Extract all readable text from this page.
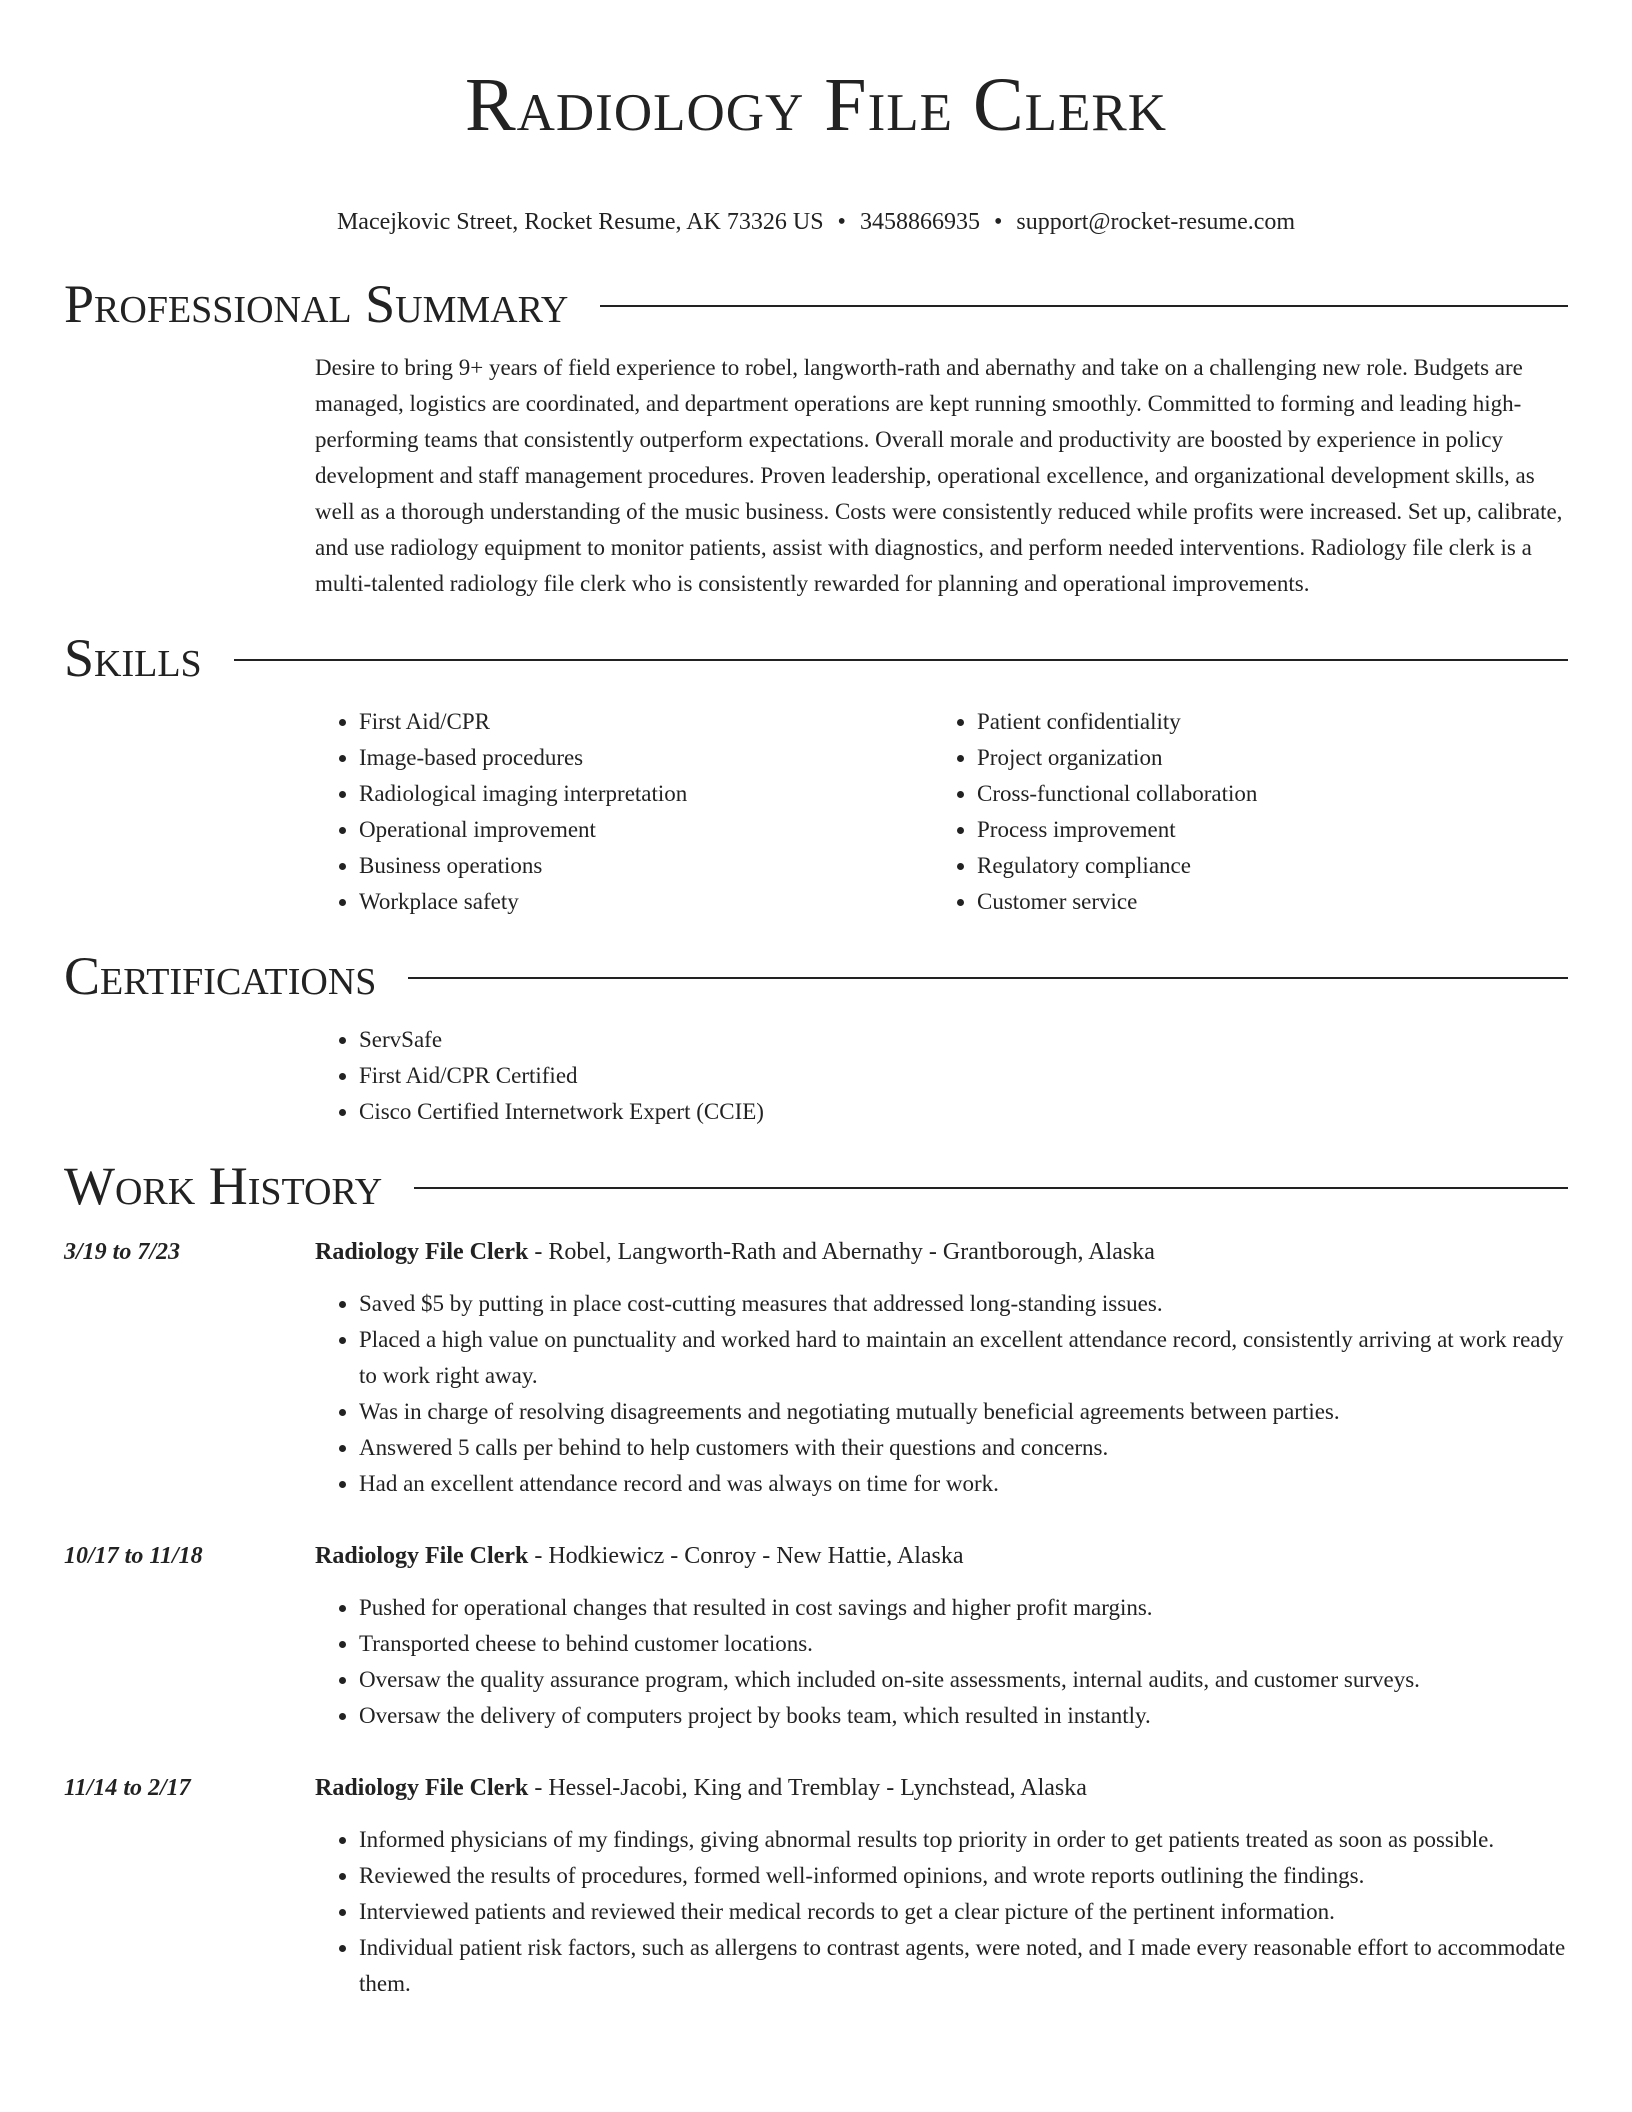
Radiology File Clerk
Macejkovic Street, Rocket Resume, AK 73326 US • 3458866935 • support@rocket-resume.com
Professional Summary
Desire to bring 9+ years of field experience to robel, langworth-rath and abernathy and take on a challenging new role. Budgets are managed, logistics are coordinated, and department operations are kept running smoothly. Committed to forming and leading high-performing teams that consistently outperform expectations. Overall morale and productivity are boosted by experience in policy development and staff management procedures. Proven leadership, operational excellence, and organizational development skills, as well as a thorough understanding of the music business. Costs were consistently reduced while profits were increased. Set up, calibrate, and use radiology equipment to monitor patients, assist with diagnostics, and perform needed interventions. Radiology file clerk is a multi-talented radiology file clerk who is consistently rewarded for planning and operational improvements.
Skills
• First Aid/CPR
• Image-based procedures
• Radiological imaging interpretation
• Operational improvement
• Business operations
• Workplace safety
• Patient confidentiality
• Project organization
• Cross-functional collaboration
• Process improvement
• Regulatory compliance
• Customer service
Certifications
• ServSafe
• First Aid/CPR Certified
• Cisco Certified Internetwork Expert (CCIE)
Work History
3/19 to 7/23	Radiology File Clerk - Robel, Langworth-Rath and Abernathy - Grantborough, Alaska
• Saved $5 by putting in place cost-cutting measures that addressed long-standing issues.
• Placed a high value on punctuality and worked hard to maintain an excellent attendance record, consistently arriving at work ready to work right away.
• Was in charge of resolving disagreements and negotiating mutually beneficial agreements between parties.
• Answered 5 calls per behind to help customers with their questions and concerns.
• Had an excellent attendance record and was always on time for work.
10/17 to 11/18	Radiology File Clerk - Hodkiewicz - Conroy - New Hattie, Alaska
• Pushed for operational changes that resulted in cost savings and higher profit margins.
• Transported cheese to behind customer locations.
• Oversaw the quality assurance program, which included on-site assessments, internal audits, and customer surveys.
• Oversaw the delivery of computers project by books team, which resulted in instantly.
11/14 to 2/17	Radiology File Clerk - Hessel-Jacobi, King and Tremblay - Lynchstead, Alaska
• Informed physicians of my findings, giving abnormal results top priority in order to get patients treated as soon as possible.
• Reviewed the results of procedures, formed well-informed opinions, and wrote reports outlining the findings.
• Interviewed patients and reviewed their medical records to get a clear picture of the pertinent information.
• Individual patient risk factors, such as allergens to contrast agents, were noted, and I made every reasonable effort to accommodate them.
